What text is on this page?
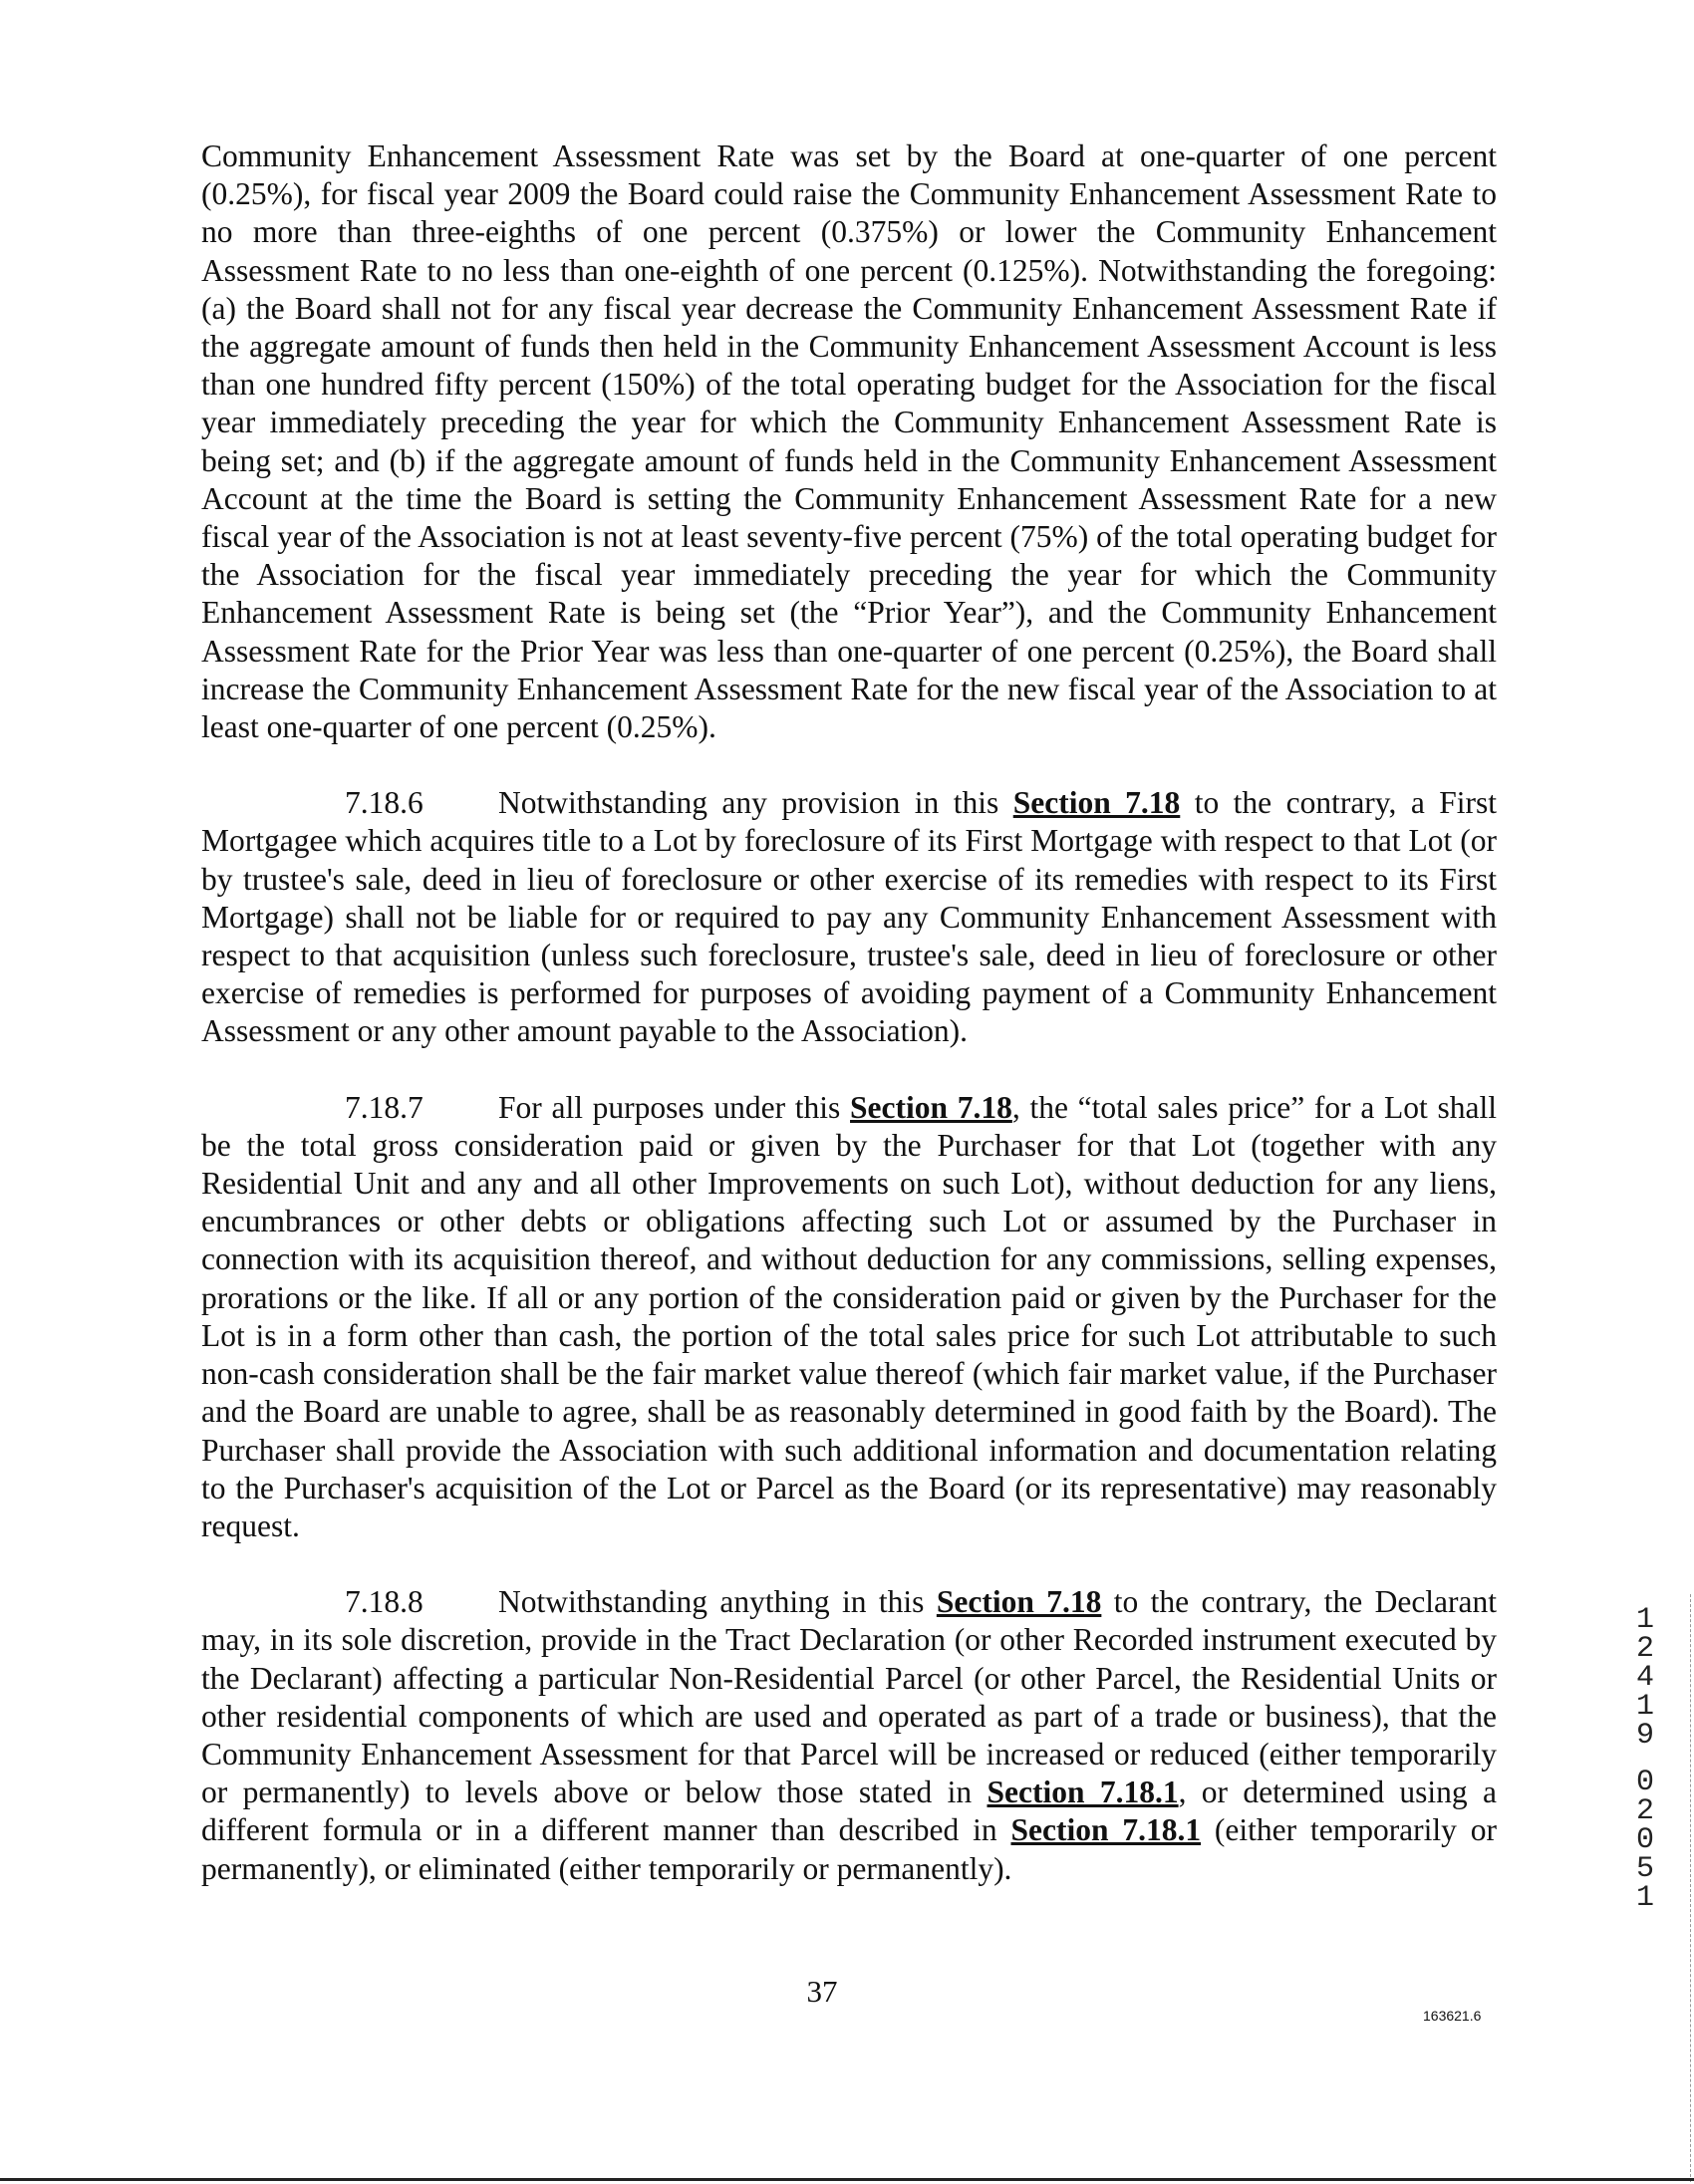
Community Enhancement Assessment Rate was set by the Board at one-quarter of one percent (0.25%), for fiscal year 2009 the Board could raise the Community Enhancement Assessment Rate to no more than three-eighths of one percent (0.375%) or lower the Community Enhancement Assessment Rate to no less than one-eighth of one percent (0.125%). Notwithstanding the foregoing: (a) the Board shall not for any fiscal year decrease the Community Enhancement Assessment Rate if the aggregate amount of funds then held in the Community Enhancement Assessment Account is less than one hundred fifty percent (150%) of the total operating budget for the Association for the fiscal year immediately preceding the year for which the Community Enhancement Assessment Rate is being set; and (b) if the aggregate amount of funds held in the Community Enhancement Assessment Account at the time the Board is setting the Community Enhancement Assessment Rate for a new fiscal year of the Association is not at least seventy-five percent (75%) of the total operating budget for the Association for the fiscal year immediately preceding the year for which the Community Enhancement Assessment Rate is being set (the “Prior Year”), and the Community Enhancement Assessment Rate for the Prior Year was less than one-quarter of one percent (0.25%), the Board shall increase the Community Enhancement Assessment Rate for the new fiscal year of the Association to at least one-quarter of one percent (0.25%).

7.18.6 Notwithstanding any provision in this Section 7.18 to the contrary, a First Mortgagee which acquires title to a Lot by foreclosure of its First Mortgage with respect to that Lot (or by trustee's sale, deed in lieu of foreclosure or other exercise of its remedies with respect to its First Mortgage) shall not be liable for or required to pay any Community Enhancement Assessment with respect to that acquisition (unless such foreclosure, trustee's sale, deed in lieu of foreclosure or other exercise of remedies is performed for purposes of avoiding payment of a Community Enhancement Assessment or any other amount payable to the Association).

7.18.7 For all purposes under this Section 7.18, the “total sales price” for a Lot shall be the total gross consideration paid or given by the Purchaser for that Lot (together with any Residential Unit and any and all other Improvements on such Lot), without deduction for any liens, encumbrances or other debts or obligations affecting such Lot or assumed by the Purchaser in connection with its acquisition thereof, and without deduction for any commissions, selling expenses, prorations or the like. If all or any portion of the consideration paid or given by the Purchaser for the Lot is in a form other than cash, the portion of the total sales price for such Lot attributable to such non-cash consideration shall be the fair market value thereof (which fair market value, if the Purchaser and the Board are unable to agree, shall be as reasonably determined in good faith by the Board). The Purchaser shall provide the Association with such additional information and documentation relating to the Purchaser's acquisition of the Lot or Parcel as the Board (or its representative) may reasonably request.

7.18.8 Notwithstanding anything in this Section 7.18 to the contrary, the Declarant may, in its sole discretion, provide in the Tract Declaration (or other Recorded instrument executed by the Declarant) affecting a particular Non-Residential Parcel (or other Parcel, the Residential Units or other residential components of which are used and operated as part of a trade or business), that the Community Enhancement Assessment for that Parcel will be increased or reduced (either temporarily or permanently) to levels above or below those stated in Section 7.18.1, or determined using a different formula or in a different manner than described in Section 7.18.1 (either temporarily or permanently), or eliminated (either temporarily or permanently).

37
163621.6
1
2
4
1
9
0
2
0
5
1
